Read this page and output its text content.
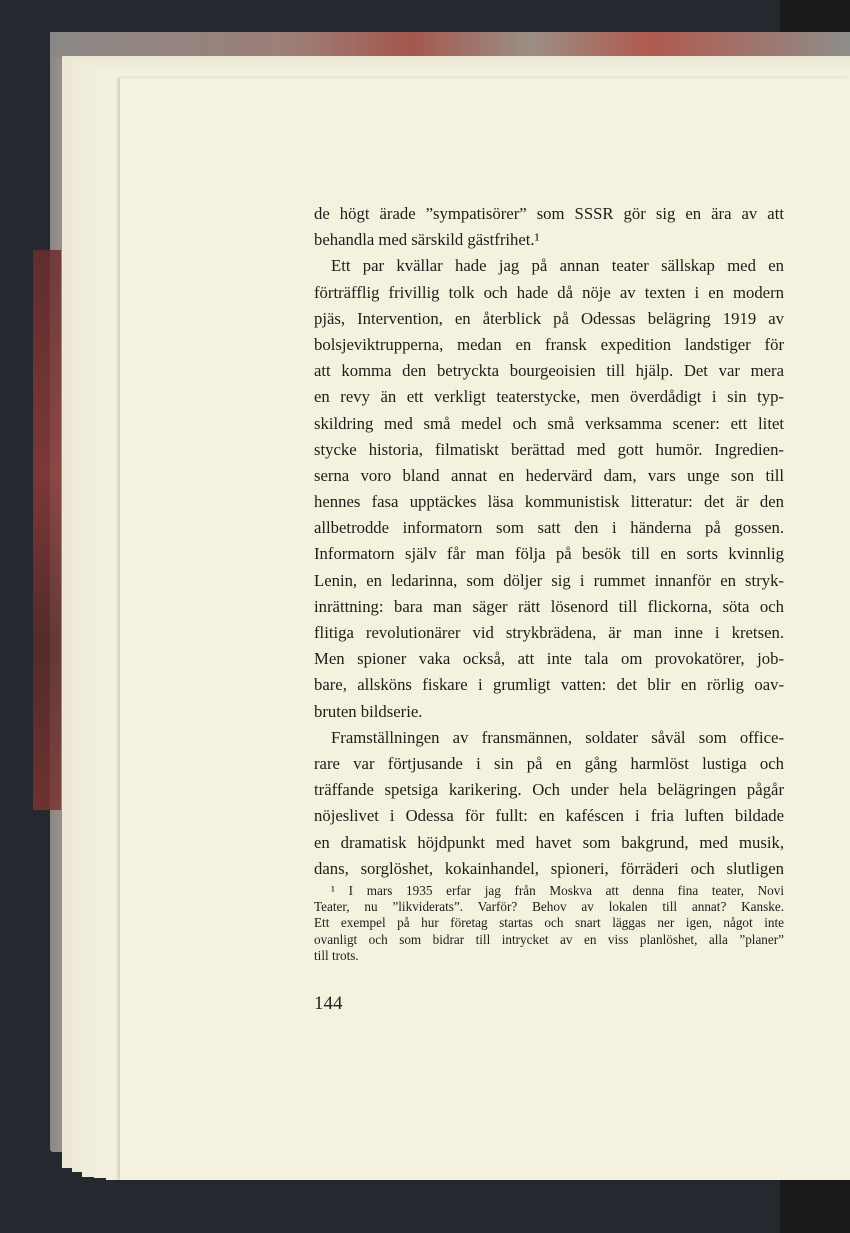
de högt ärade ”sympatisörer” som SSSR gör sig en ära av att
behandla med särskild gästfrihet.¹
Ett par kvällar hade jag på annan teater sällskap med en
förträfflig frivillig tolk och hade då nöje av texten i en modern
pjäs, Intervention, en återblick på Odessas belägring 1919 av
bolsjeviktrupperna, medan en fransk expedition landstiger för
att komma den betryckta bourgeoisien till hjälp. Det var mera
en revy än ett verkligt teaterstycke, men överdådigt i sin typ-
skildring med små medel och små verksamma scener: ett litet
stycke historia, filmatiskt berättad med gott humör. Ingredien-
serna voro bland annat en hedervärd dam, vars unge son till
hennes fasa upptäckes läsa kommunistisk litteratur: det är den
allbetrodde informatorn som satt den i händerna på gossen.
Informatorn själv får man följa på besök till en sorts kvinnlig
Lenin, en ledarinna, som döljer sig i rummet innanför en stryk-
inrättning: bara man säger rätt lösenord till flickorna, söta och
flitiga revolutionärer vid strykbrädena, är man inne i kretsen.
Men spioner vaka också, att inte tala om provokatörer, job-
bare, allsköns fiskare i grumligt vatten: det blir en rörlig oav-
bruten bildserie.
Framställningen av fransmännen, soldater såväl som office-
rare var förtjusande i sin på en gång harmlöst lustiga och
träffande spetsiga karikering. Och under hela belägringen pågår
nöjeslivet i Odessa för fullt: en kaféscen i fria luften bildade
en dramatisk höjdpunkt med havet som bakgrund, med musik,
dans, sorglöshet, kokainhandel, spioneri, förräderi och slutligen
¹ I mars 1935 erfar jag från Moskva att denna fina teater, Novi
Teater, nu ”likviderats”. Varför? Behov av lokalen till annat? Kanske.
Ett exempel på hur företag startas och snart läggas ner igen, något inte
ovanligt och som bidrar till intrycket av en viss planlöshet, alla ”planer”
till trots.
144
